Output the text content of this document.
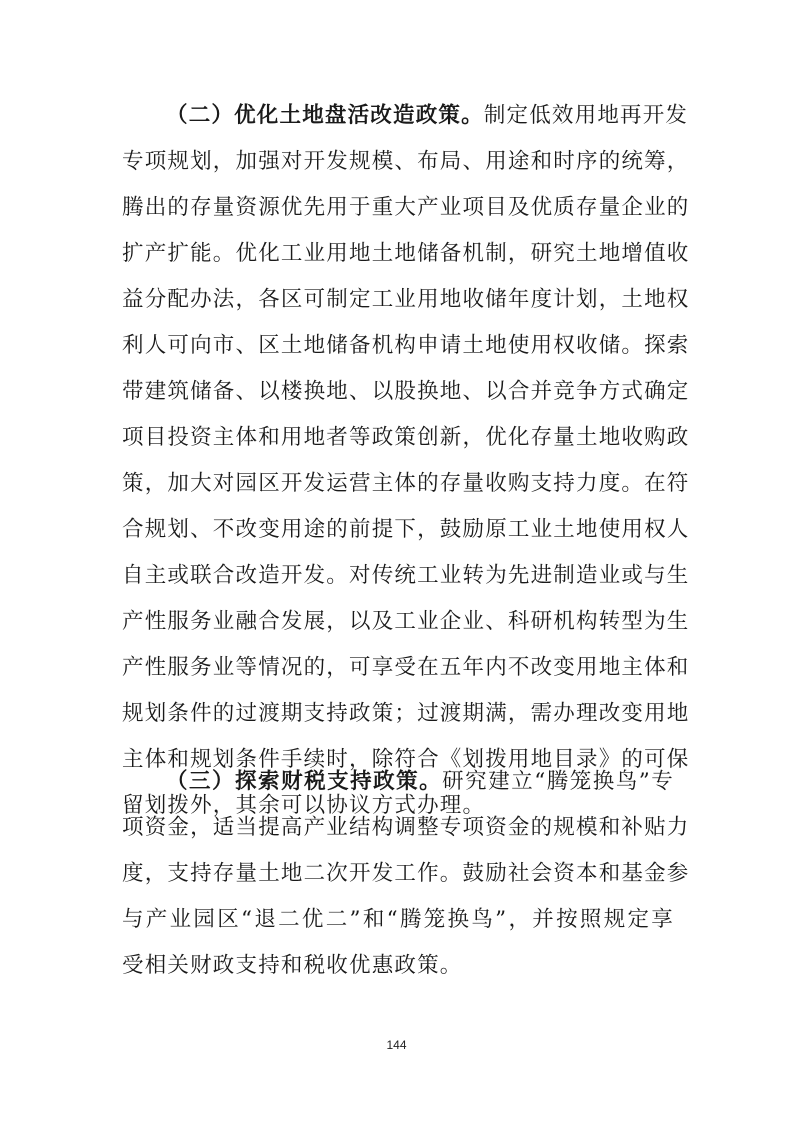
（二）优化土地盘活改造政策。制定低效用地再开发
专项规划，加强对开发规模、布局、用途和时序的统筹，
腾出的存量资源优先用于重大产业项目及优质存量企业的
扩产扩能。优化工业用地土地储备机制，研究土地增值收
益分配办法，各区可制定工业用地收储年度计划，土地权
利人可向市、区土地储备机构申请土地使用权收储。探索
带建筑储备、以楼换地、以股换地、以合并竞争方式确定
项目投资主体和用地者等政策创新，优化存量土地收购政
策，加大对园区开发运营主体的存量收购支持力度。在符
合规划、不改变用途的前提下，鼓励原工业土地使用权人
自主或联合改造开发。对传统工业转为先进制造业或与生
产性服务业融合发展，以及工业企业、科研机构转型为生
产性服务业等情况的，可享受在五年内不改变用地主体和
规划条件的过渡期支持政策；过渡期满，需办理改变用地
主体和规划条件手续时，除符合《划拨用地目录》的可保
留划拨外，其余可以协议方式办理。
（三）探索财税支持政策。研究建立“腾笼换鸟”专
项资金，适当提高产业结构调整专项资金的规模和补贴力
度，支持存量土地二次开发工作。鼓励社会资本和基金参
与产业园区“退二优二”和“腾笼换鸟”，并按照规定享
受相关财政支持和税收优惠政策。
144
